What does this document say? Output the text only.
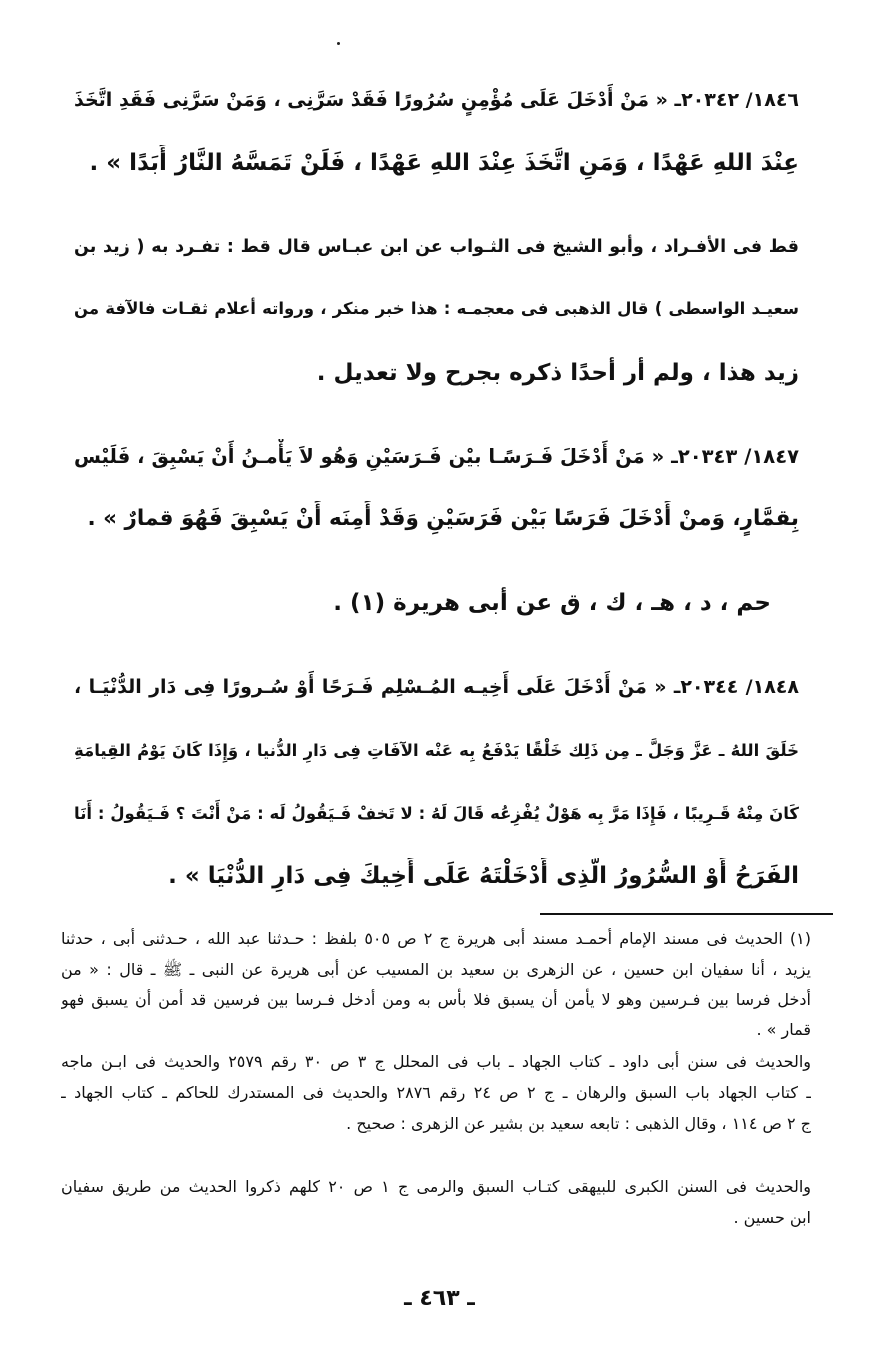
١٨٤٦/ ٢٠٣٤٢ـ « مَنْ أَدْخَلَ عَلَى مُؤْمِنٍ سُرُورًا فَقَدْ سَرَّنِى ، وَمَنْ سَرَّنِى فَقَدِ اتَّخَذَ

عِنْدَ اللهِ عَهْدًا ، وَمَنِ اتَّخَذَ عِنْدَ اللهِ عَهْدًا ، فَلَنْ تَمَسَّهُ النَّارُ أَبَدًا » .

قط فى الأفـراد ، وأبو الشيخ فى الثـواب عن ابن عبـاس قال قط : تفـرد به ( زيد بن

سعيـد الواسطى ) قال الذهبى فى معجمـه : هذا خبر منكر ، ورواته أعلام ثقـات فالآفة من

زيد هذا ، ولم أر أحدًا ذكره بجرح ولا تعديل .

١٨٤٧/ ٢٠٣٤٣ـ « مَنْ أَدْخَلَ فَـرَسًـا بيْن فَـرَسَيْنِ وَهُو لاَ يَأْمـنُ أَنْ يَسْبِقَ ، فَلَيْس

بِقمَّارٍ، وَمنْ أَدْخَلَ فَرَسًا بَيْن فَرَسَيْنِ وَقَدْ أَمِنَه أَنْ يَسْبِقَ فَهُوَ قمارٌ » .

حم ، د ، هـ ، ك ، ق عن أبى هريرة (١) .

١٨٤٨/ ٢٠٣٤٤ـ « مَنْ أَدْخَلَ عَلَى أَخِيـه المُـسْلِم فَـرَحًا أَوْ سُـرورًا فِى دَار الدُّنْيَـا ،

خَلَقَ اللهُ ـ عَزَّ وَجَلَّ ـ مِن ذَلِك خَلْقًا يَدْفَعُ بِه عَنْه الآفَاتِ فِى دَارِ الدُّنيا ، وَإِذَا كَانَ يَوْمُ القِيامَةِ

كَانَ مِنْهُ قَـرِيبًا ، فَإِذَا مَرَّ بِه هَوْلٌ يُفْزِعُه قَالَ لَهُ : لا تَخفْ فَـيَقُولُ لَه : مَنْ أَنْتَ ؟ فَـيَقُولُ : أَنَا

الفَرَحُ أَوْ السُّرُورُ الَّذِى أَدْخَلْتَهُ عَلَى أَخِيكَ فِى دَارِ الدُّنْيَا » .

(١) الحديث فى مسند الإمام أحمـد مسند أبى هريرة ج ٢ ص ٥٠٥ بلفظ : حـدثنا عبد الله ، حـدثنى أبى ، حدثنا

يزيد ، أنا سفيان ابن حسين ، عن الزهرى بن سعيد بن المسيب عن أبى هريرة عن النبى ـ ﷺ ـ قال : « من

أدخل فرسا بين فـرسين وهو لا يأمن أن يسبق فلا بأس به ومن أدخل فـرسا بين فرسين قد أمن أن يسبق فهو

قمار » .

والحديث فى سنن أبى داود ـ كتاب الجهاد ـ باب فى المحلل ج ٣ ص ٣٠ رقم ٢٥٧٩ والحديث فى ابـن ماجه

ـ كتاب الجهاد باب السبق والرهان ـ ج ٢ ص ٢٤ رقم ٢٨٧٦ والحديث فى المستدرك للحاكم ـ كتاب الجهاد ـ

ج ٢ ص ١١٤ ، وقال الذهبى : تابعه سعيد بن بشير عن الزهرى : صحيح .

والحديث فى السنن الكبرى للبيهقى كتـاب السبق والرمى ج ١ ص ٢٠ كلهم ذكروا الحديث من طريق سفيان

ابن حسين .

ـ ٤٦٣ ـ
